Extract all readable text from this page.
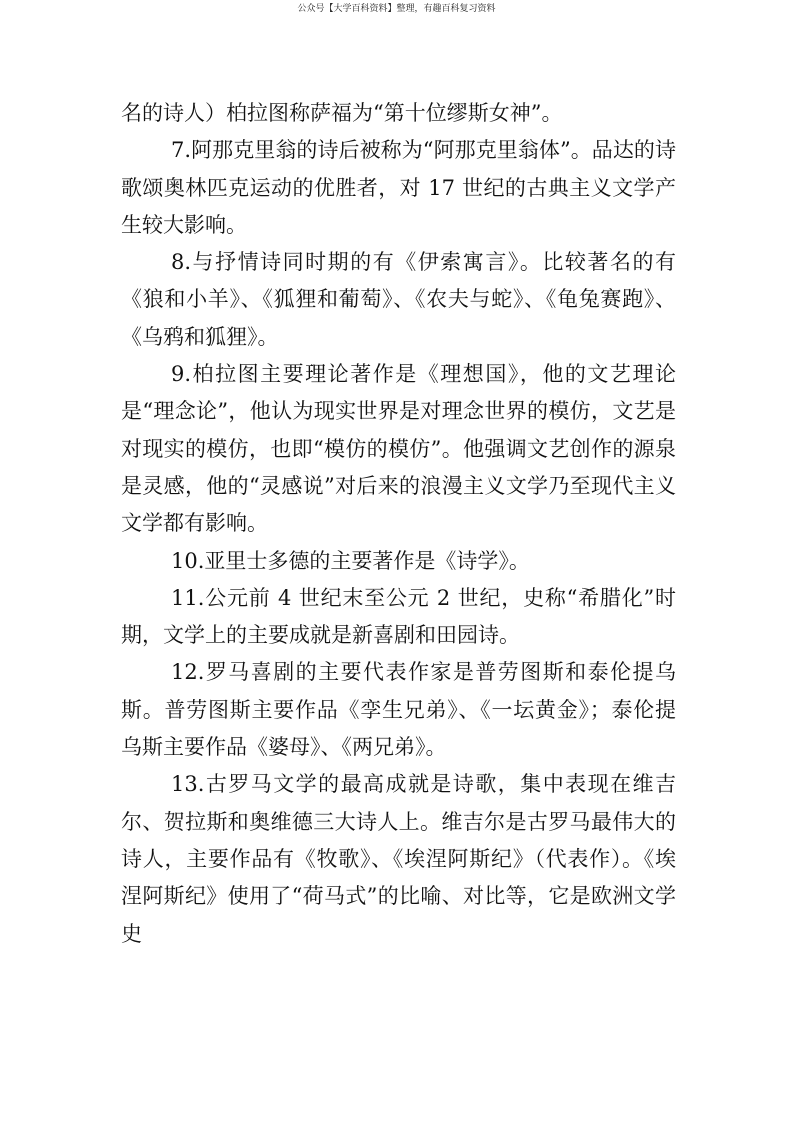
公众号【大学百科资料】整理，有趣百科复习资料

名的诗人）柏拉图称萨福为“第十位缪斯女神”。

7.阿那克里翁的诗后被称为“阿那克里翁体”。品达的诗歌颂奥林匹克运动的优胜者，对 17 世纪的古典主义文学产生较大影响。

8.与抒情诗同时期的有《伊索寓言》。比较著名的有《狼和小羊》、《狐狸和葡萄》、《农夫与蛇》、《龟兔赛跑》、《乌鸦和狐狸》。

9.柏拉图主要理论著作是《理想国》，他的文艺理论是“理念论”，他认为现实世界是对理念世界的模仿，文艺是对现实的模仿，也即“模仿的模仿”。他强调文艺创作的源泉是灵感，他的“灵感说”对后来的浪漫主义文学乃至现代主义文学都有影响。

10.亚里士多德的主要著作是《诗学》。

11.公元前 4 世纪末至公元 2 世纪，史称“希腊化”时期，文学上的主要成就是新喜剧和田园诗。

12.罗马喜剧的主要代表作家是普劳图斯和泰伦提乌斯。普劳图斯主要作品《孪生兄弟》、《一坛黄金》；泰伦提乌斯主要作品《婆母》、《两兄弟》。

13.古罗马文学的最高成就是诗歌，集中表现在维吉尔、贺拉斯和奥维德三大诗人上。维吉尔是古罗马最伟大的诗人，主要作品有《牧歌》、《埃涅阿斯纪》（代表作）。《埃涅阿斯纪》使用了“荷马式”的比喻、对比等，它是欧洲文学史
